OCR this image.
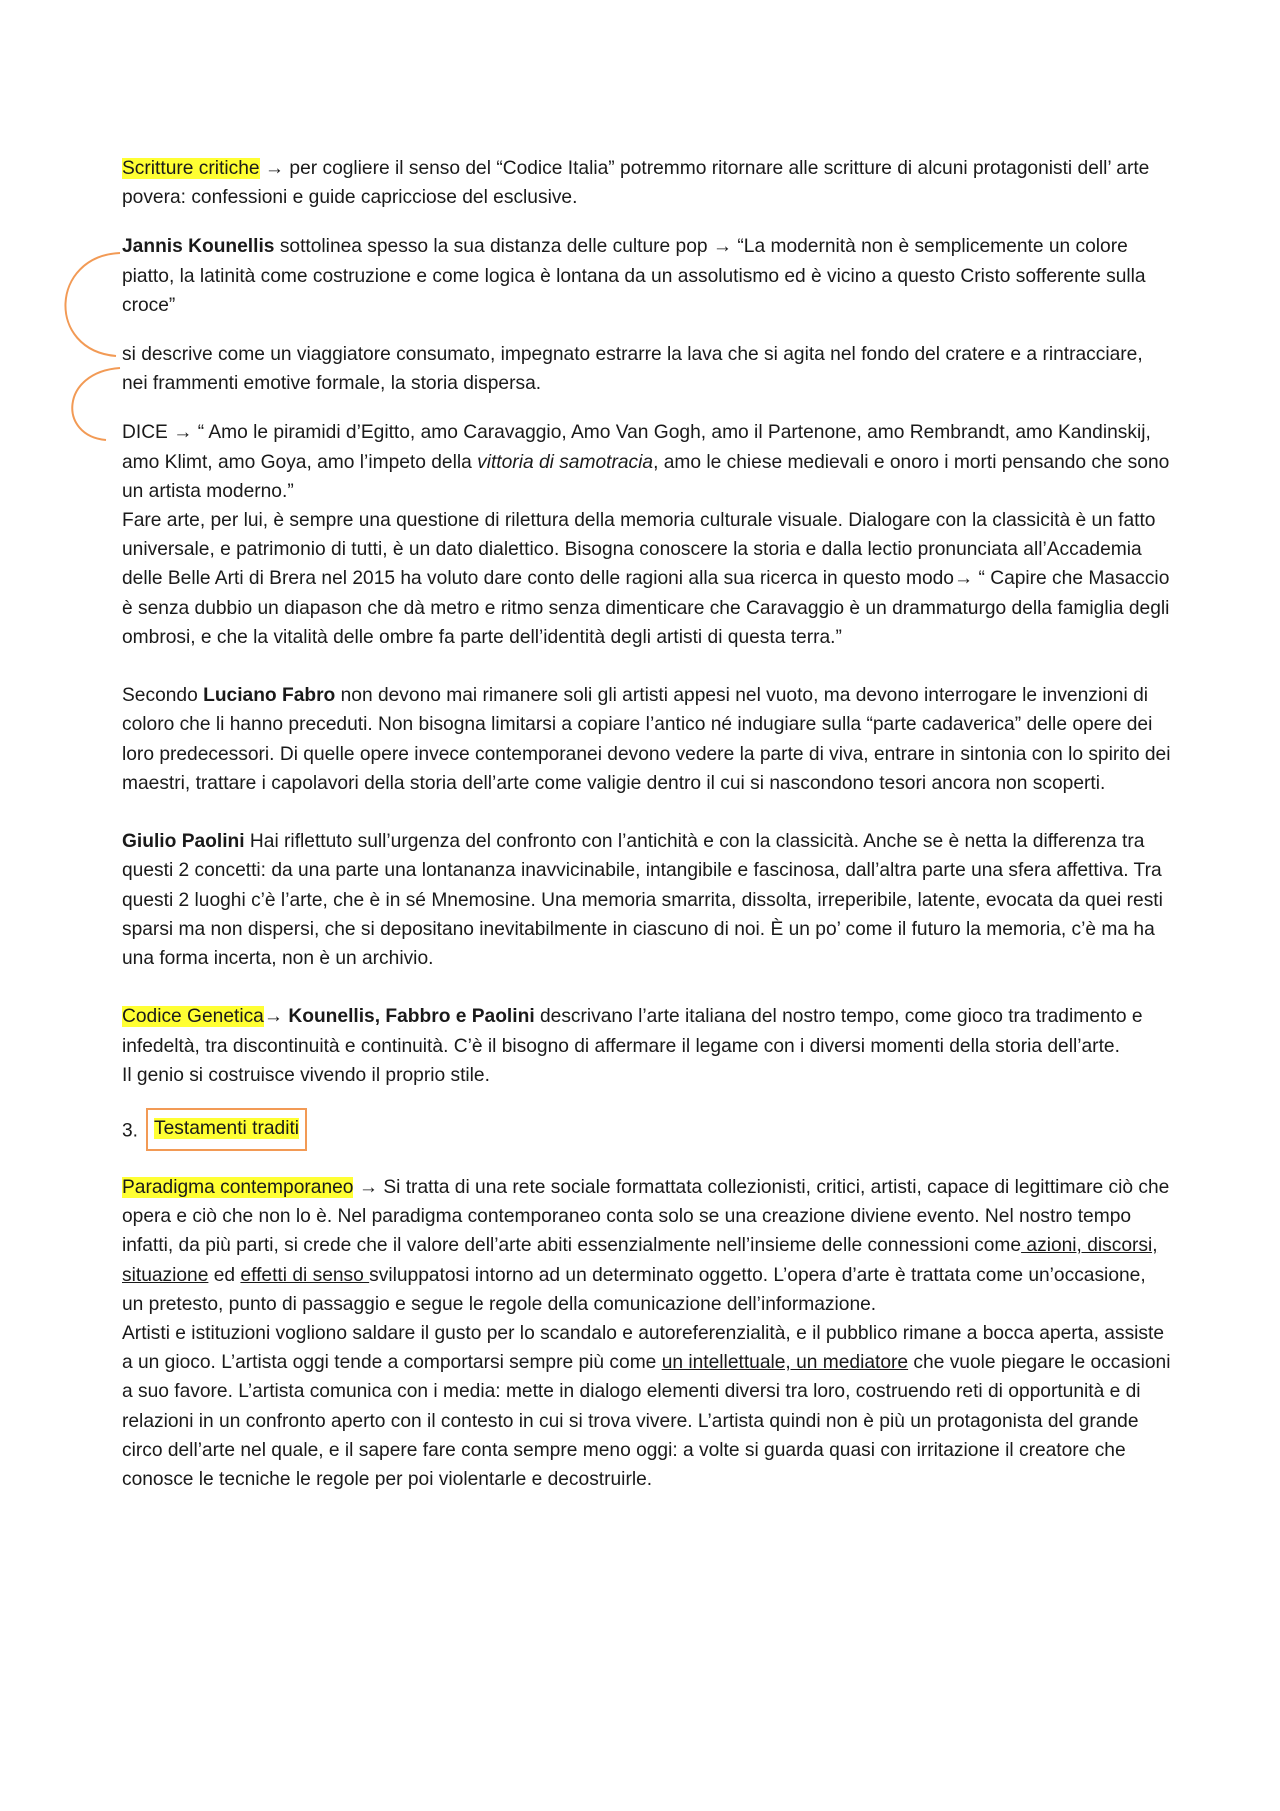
Scritture critiche → per cogliere il senso del “Codice Italia” potremmo ritornare alle scritture di alcuni protagonisti dell’ arte povera: confessioni e guide capricciose del esclusive.

Jannis Kounellis sottolinea spesso la sua distanza delle culture pop → “La modernità non è semplicemente un colore piatto, la latinità come costruzione e come logica è lontana da un assolutismo ed è vicino a questo Cristo sofferente sulla croce”

si descrive come un viaggiatore consumato, impegnato estrarre la lava che si agita nel fondo del cratere e a rintracciare, nei frammenti emotive formale, la storia dispersa.

DICE → “ Amo le piramidi d’Egitto, amo Caravaggio, Amo Van Gogh, amo il Partenone, amo Rembrandt, amo Kandinskij, amo Klimt, amo Goya, amo l’impeto della vittoria di samotracia, amo le chiese medievali e onoro i morti pensando che sono un artista moderno.”

Fare arte, per lui, è sempre una questione di rilettura della memoria culturale visuale. Dialogare con la classicità è un fatto universale, e patrimonio di tutti, è un dato dialettico. Bisogna conoscere la storia e dalla lectio pronunciata all’Accademia delle Belle Arti di Brera nel 2015 ha voluto dare conto delle ragioni alla sua ricerca in questo modo→ “ Capire che Masaccio è senza dubbio un diapason che dà metro e ritmo senza dimenticare che Caravaggio è un drammaturgo della famiglia degli ombrosi, e che la vitalità delle ombre fa parte dell’identità degli artisti di questa terra.”

Secondo Luciano Fabro non devono mai rimanere soli gli artisti appesi nel vuoto, ma devono interrogare le invenzioni di coloro che li hanno preceduti. Non bisogna limitarsi a copiare l’antico né indugiare sulla “parte cadaverica” delle opere dei loro predecessori. Di quelle opere invece contemporanei devono vedere la parte di viva, entrare in sintonia con lo spirito dei maestri, trattare i capolavori della storia dell’arte come valigie dentro il cui si nascondono tesori ancora non scoperti.

Giulio Paolini Hai riflettuto sull’urgenza del confronto con l’antichità e con la classicità. Anche se è netta la differenza tra questi 2 concetti: da una parte una lontananza inavvicinabile, intangibile e fascinosa, dall’altra parte una sfera affettiva. Tra questi 2 luoghi c’è l’arte, che è in sé Mnemosine. Una memoria smarrita, dissolta, irreperibile, latente, evocata da quei resti sparsi ma non dispersi, che si depositano inevitabilmente in ciascuno di noi. È un po’ come il futuro la memoria, c’è ma ha una forma incerta, non è un archivio.

Codice Genetica→ Kounellis, Fabbro e Paolini descrivano l’arte italiana del nostro tempo, come gioco tra tradimento e infedeltà, tra discontinuità e continuità. C’è il bisogno di affermare il legame con i diversi momenti della storia dell’arte.

Il genio si costruisce vivendo il proprio stile.

3. Testamenti traditi

Paradigma contemporaneo → Si tratta di una rete sociale formattata collezionisti, critici, artisti, capace di legittimare ciò che opera e ciò che non lo è. Nel paradigma contemporaneo conta solo se una creazione diviene evento. Nel nostro tempo infatti, da più parti, si crede che il valore dell’arte abiti essenzialmente nell’insieme delle connessioni come azioni, discorsi, situazione ed effetti di senso sviluppatosi intorno ad un determinato oggetto. L’opera d’arte è trattata come un’occasione, un pretesto, punto di passaggio e segue le regole della comunicazione dell’informazione.

Artisti e istituzioni vogliono saldare il gusto per lo scandalo e autoreferenzialità, e il pubblico rimane a bocca aperta, assiste a un gioco. L’artista oggi tende a comportarsi sempre più come un intellettuale, un mediatore che vuole piegare le occasioni a suo favore. L’artista comunica con i media: mette in dialogo elementi diversi tra loro, costruendo reti di opportunità e di relazioni in un confronto aperto con il contesto in cui si trova vivere. L’artista quindi non è più un protagonista del grande circo dell’arte nel quale, e il sapere fare conta sempre meno oggi: a volte si guarda quasi con irritazione il creatore che conosce le tecniche le regole per poi violentarle e decostruirle.
